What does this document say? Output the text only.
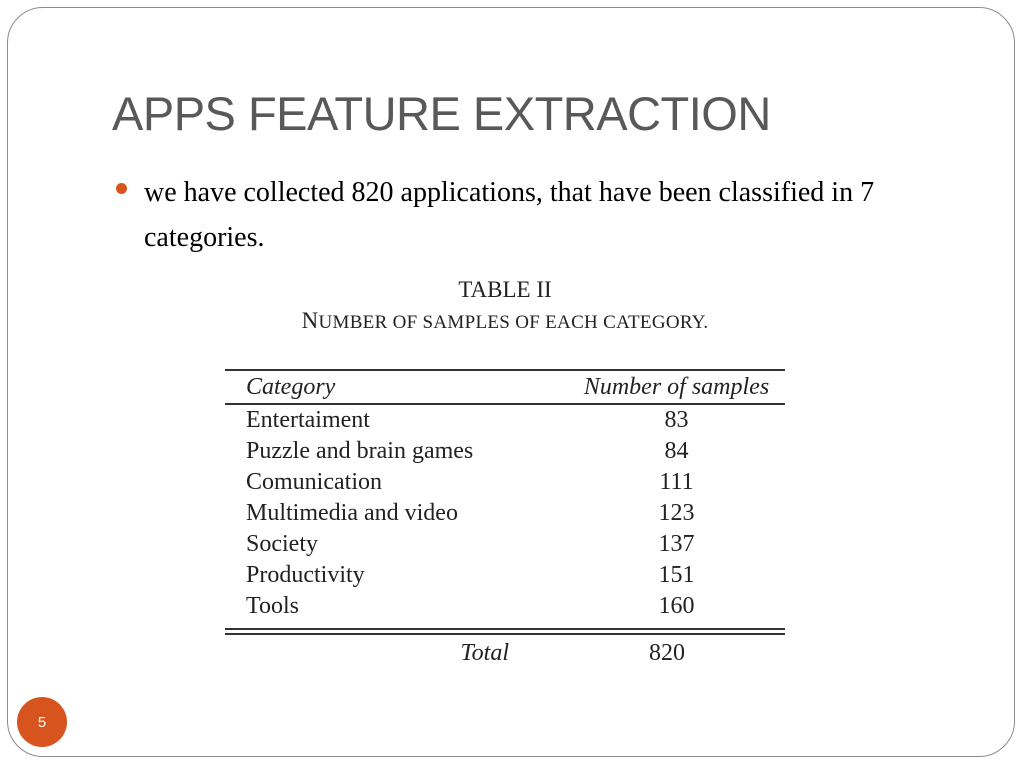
APPS FEATURE EXTRACTION
we have collected 820 applications, that have been classified in 7 categories.
TABLE II
NUMBER OF SAMPLES OF EACH CATEGORY.
Category	Number of samples
Entertaiment	83
Puzzle and brain games	84
Comunication	111
Multimedia and video	123
Society	137
Productivity	151
Tools	160
Total	820
5
